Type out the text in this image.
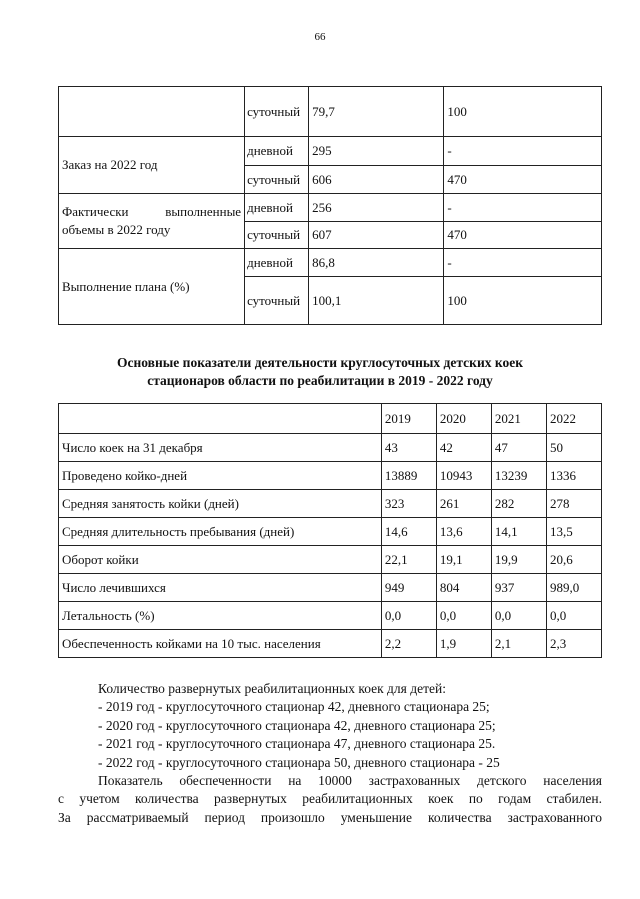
66
	суточный	79,7	100
Заказ на 2022 год	дневной	295	-
	суточный	606	470

Фактически выполненные
объемы в 2022 году	дневной	256	-
	суточный	607	470
Выполнение плана (%)	дневной	86,8	-
	суточный	100,1	100
Основные показатели деятельности круглосуточных детских коек
стационаров области по реабилитации в 2019 - 2022 году
	2019	2020	2021	2022
Число коек на 31 декабря	43	42	47	50
Проведено койко-дней	13889	10943	13239	1336
Средняя занятость койки (дней)	323	261	282	278
Средняя длительность пребывания (дней)	14,6	13,6	14,1	13,5
Оборот койки	22,1	19,1	19,9	20,6
Число лечившихся	949	804	937	989,0
Летальность (%)	0,0	0,0	0,0	0,0
Обеспеченность койками на 10 тыс. населения	2,2	1,9	2,1	2,3

Количество развернутых реабилитационных коек для детей:

- 2019 год - круглосуточного стационар 42, дневного стационара 25;

- 2020 год - круглосуточного стационара 42, дневного стационара 25;

- 2021 год - круглосуточного стационара 47, дневного стационара 25.

- 2022 год - круглосуточного стационара 50, дневного стационара - 25

Показатель обеспеченности на 10000 застрахованных детского населения

с учетом количества развернутых реабилитационных коек по годам стабилен.

За рассматриваемый период произошло уменьшение количества застрахованного
